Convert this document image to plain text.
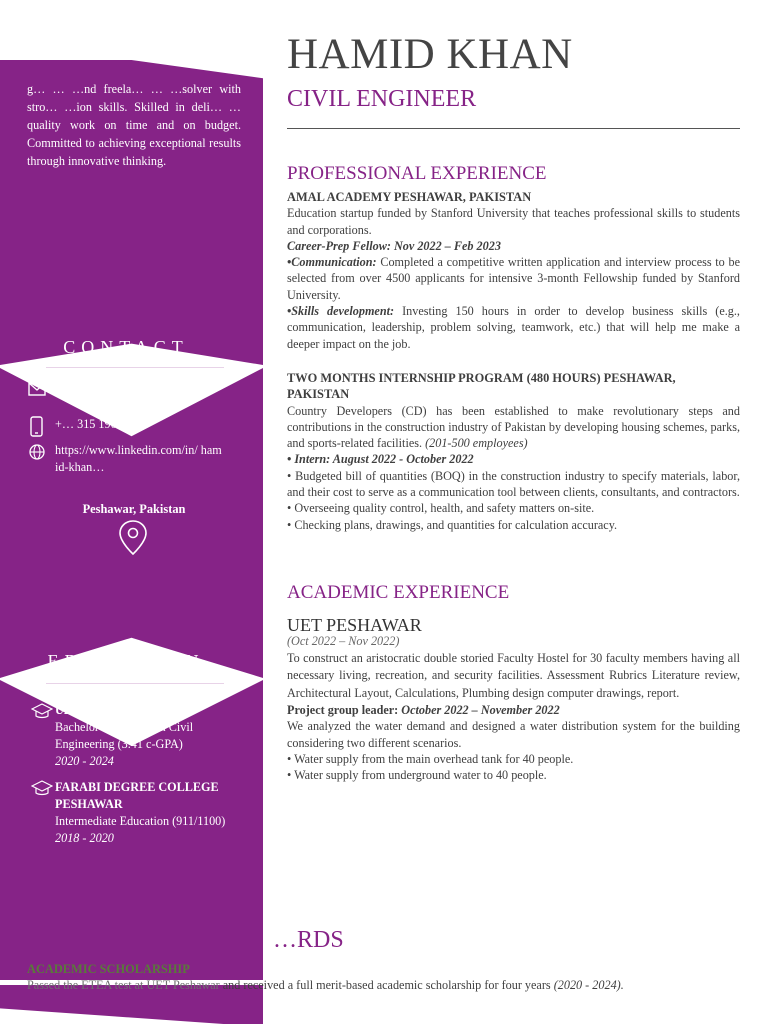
g… … …nd freela… … …solver with stro… …ion skills. Skilled in deli… …quality work on time and on budget. Committed to achieving exceptional results through innovative thinking.
CONTACT
Hamidkhans101@gmail.com
+… 315 1908312
https://www.linkedin.com/in/ hamid-khan…
Peshawar, Pakistan
EDUCATION
UET PESHAWAR
Bachelor of Science in Civil Engineering (3.41 c-GPA)
2020 - 2024
FARABI DEGREE COLLEGE PESHAWAR
Intermediate Education (911/1100)
2018 - 2020
HAMID KHAN
CIVIL ENGINEER
PROFESSIONAL EXPERIENCE

AMAL ACADEMY PESHAWAR, PAKISTAN

Education startup funded by Stanford University that teaches professional skills to students and corporations.

Career-Prep Fellow: Nov 2022 – Feb 2023

•Communication: Completed a competitive written application and interview process to be selected from over 4500 applicants for intensive 3-month Fellowship funded by Stanford University.

•Skills development: Investing 150 hours in order to develop business skills (e.g., communication, leadership, problem solving, teamwork, etc.) that will help me make a deeper impact on the job.

TWO MONTHS INTERNSHIP PROGRAM (480 HOURS) PESHAWAR, PAKISTAN

Country Developers (CD) has been established to make revolutionary steps and contributions in the construction industry of Pakistan by developing housing schemes, parks, and sports-related facilities. (201-500 employees)

• Intern: August 2022 - October 2022

• Budgeted bill of quantities (BOQ) in the construction industry to specify materials, labor, and their cost to serve as a communication tool between clients, consultants, and contractors.

• Overseeing quality control, health, and safety matters on-site.

• Checking plans, drawings, and quantities for calculation accuracy.

ACADEMIC EXPERIENCE

UET PESHAWAR

(Oct 2022 – Nov 2022)

To construct an aristocratic double storied Faculty Hostel for 30 faculty members having all necessary living, recreation, and security facilities. Assessment Rubrics Literature review, Architectural Layout, Calculations, Plumbing design computer drawings, report.

Project group leader: October 2022 – November 2022

We analyzed the water demand and designed a water distribution system for the building considering two different scenarios.

• Water supply from the main overhead tank for 40 people.

• Water supply from underground water to 40 people.

…RDS
ACADEMIC SCHOLARSHIP
Passed the ETEA test at UET Peshawar and received a full merit-based academic scholarship for four years (2020 - 2024).
